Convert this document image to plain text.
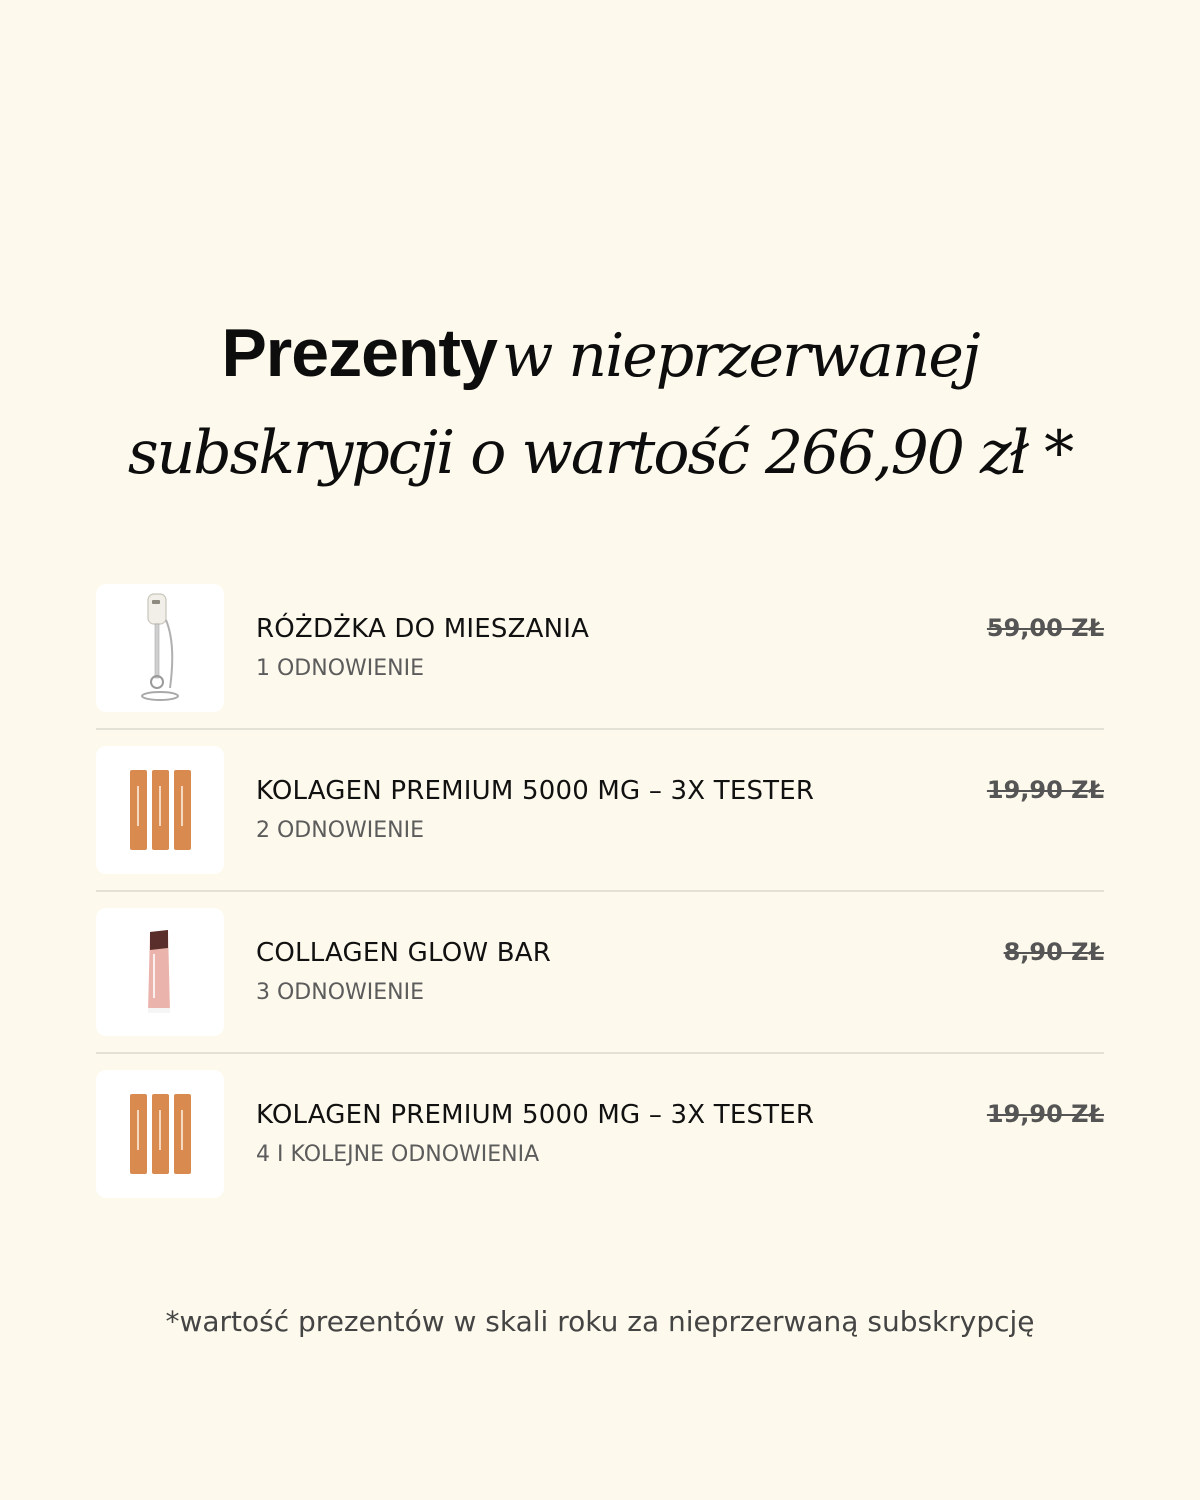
Prezenty w nieprzerwanej
subskrypcji o wartość 266,90 zł *
RÓŻDŻKA DO MIESZANIA
1 ODNOWIENIE
59,00 ZŁ
KOLAGEN PREMIUM 5000 MG – 3X TESTER
2 ODNOWIENIE
19,90 ZŁ
COLLAGEN GLOW BAR
3 ODNOWIENIE
8,90 ZŁ
KOLAGEN PREMIUM 5000 MG – 3X TESTER
4 I KOLEJNE ODNOWIENIA
19,90 ZŁ
*wartość prezentów w skali roku za nieprzerwaną subskrypcję
